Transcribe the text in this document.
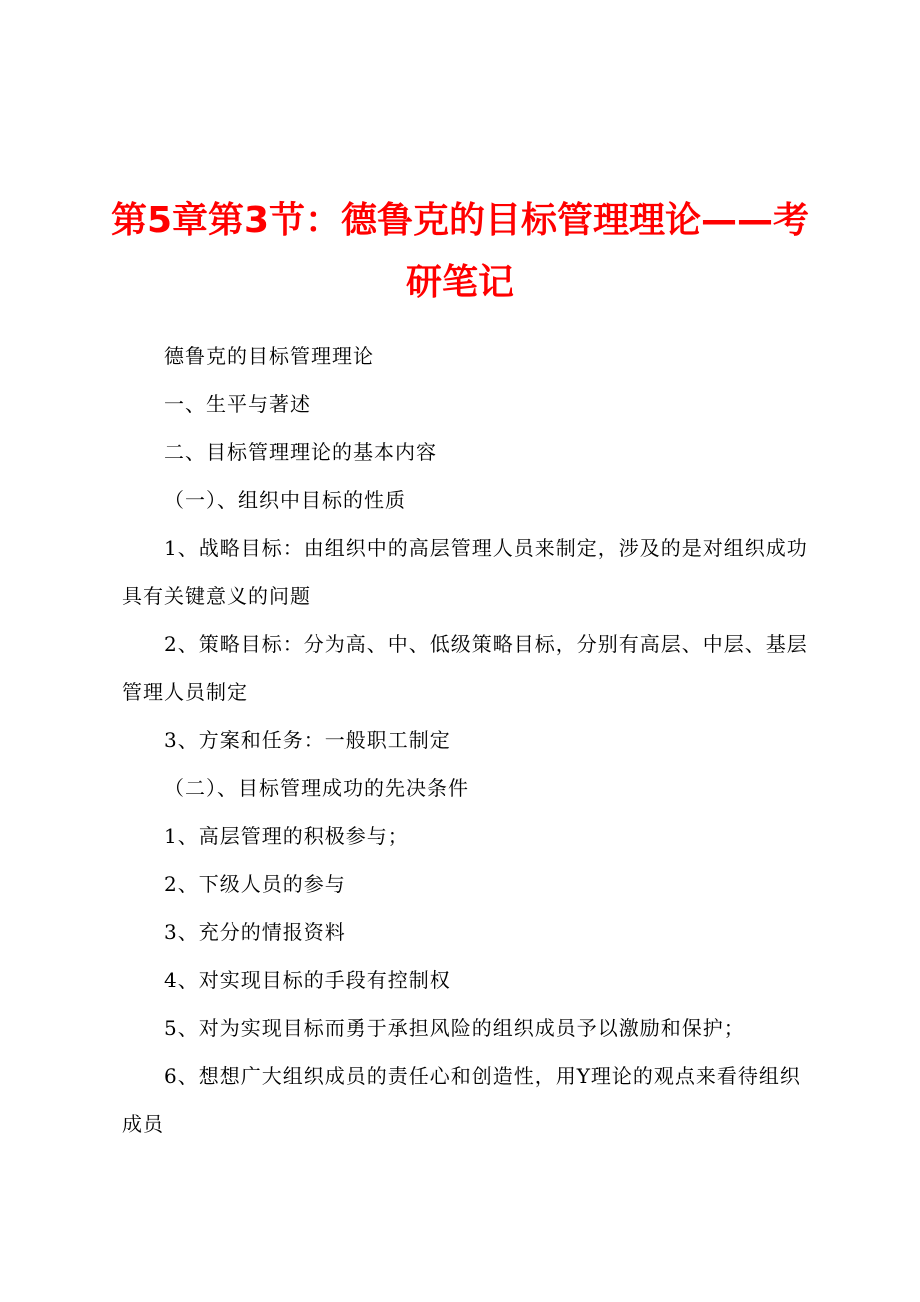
第5章第3节：德鲁克的目标管理理论——考研笔记

德鲁克的目标管理理论

一、生平与著述

二、目标管理理论的基本内容

（一）、组织中目标的性质

1、战略目标：由组织中的高层管理人员来制定，涉及的是对组织成功具有关键意义的问题

2、策略目标：分为高、中、低级策略目标，分别有高层、中层、基层管理人员制定

3、方案和任务：一般职工制定

（二）、目标管理成功的先决条件

1、高层管理的积极参与；

2、下级人员的参与

3、充分的情报资料

4、对实现目标的手段有控制权

5、对为实现目标而勇于承担风险的组织成员予以激励和保护；

6、想想广大组织成员的责任心和创造性，用Y理论的观点来看待组织成员
